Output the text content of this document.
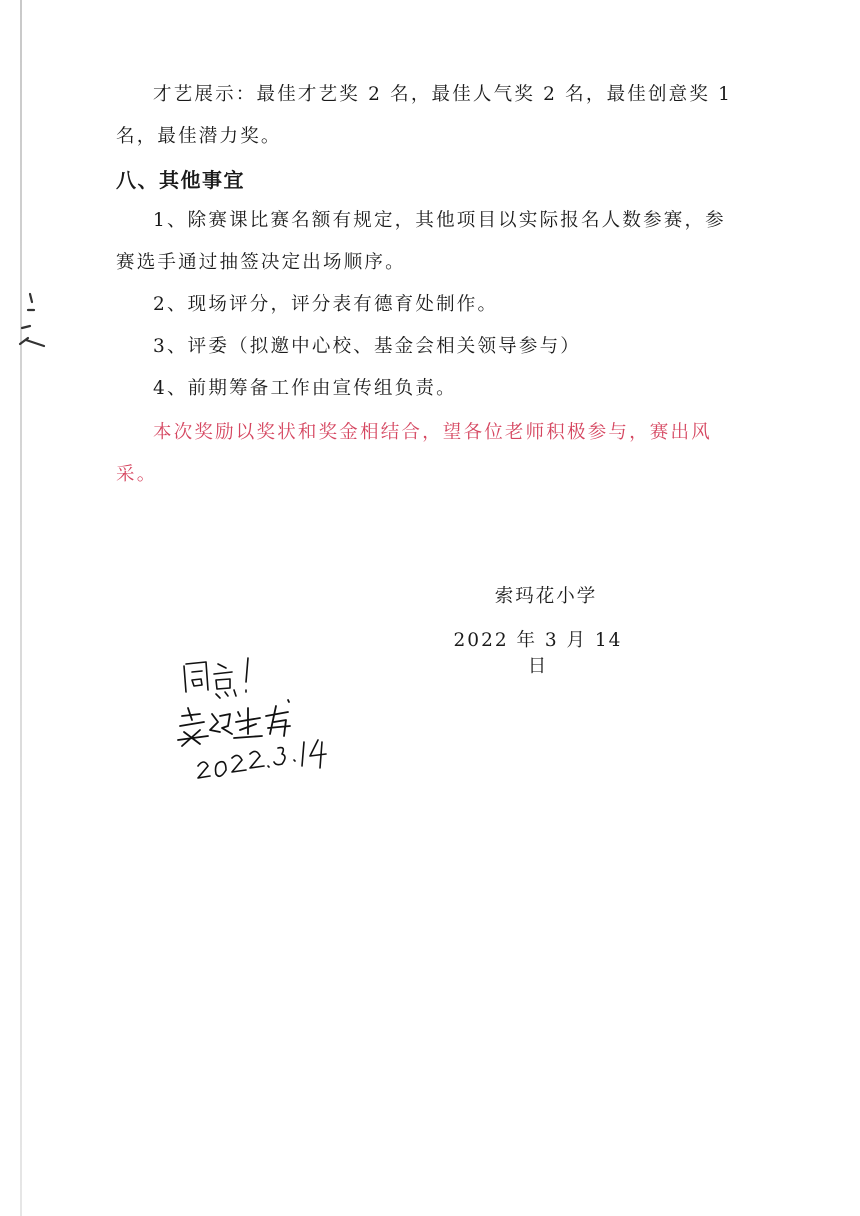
才艺展示：最佳才艺奖 2 名，最佳人气奖 2 名，最佳创意奖 1 名，最佳潜力奖。

八、其他事宜

1、除赛课比赛名额有规定，其他项目以实际报名人数参赛，参赛选手通过抽签决定出场顺序。

2、现场评分，评分表有德育处制作。

3、评委（拟邀中心校、基金会相关领导参与）

4、前期筹备工作由宣传组负责。

本次奖励以奖状和奖金相结合，望各位老师积极参与，赛出风采。

索玛花小学
2022 年 3 月 14 日
